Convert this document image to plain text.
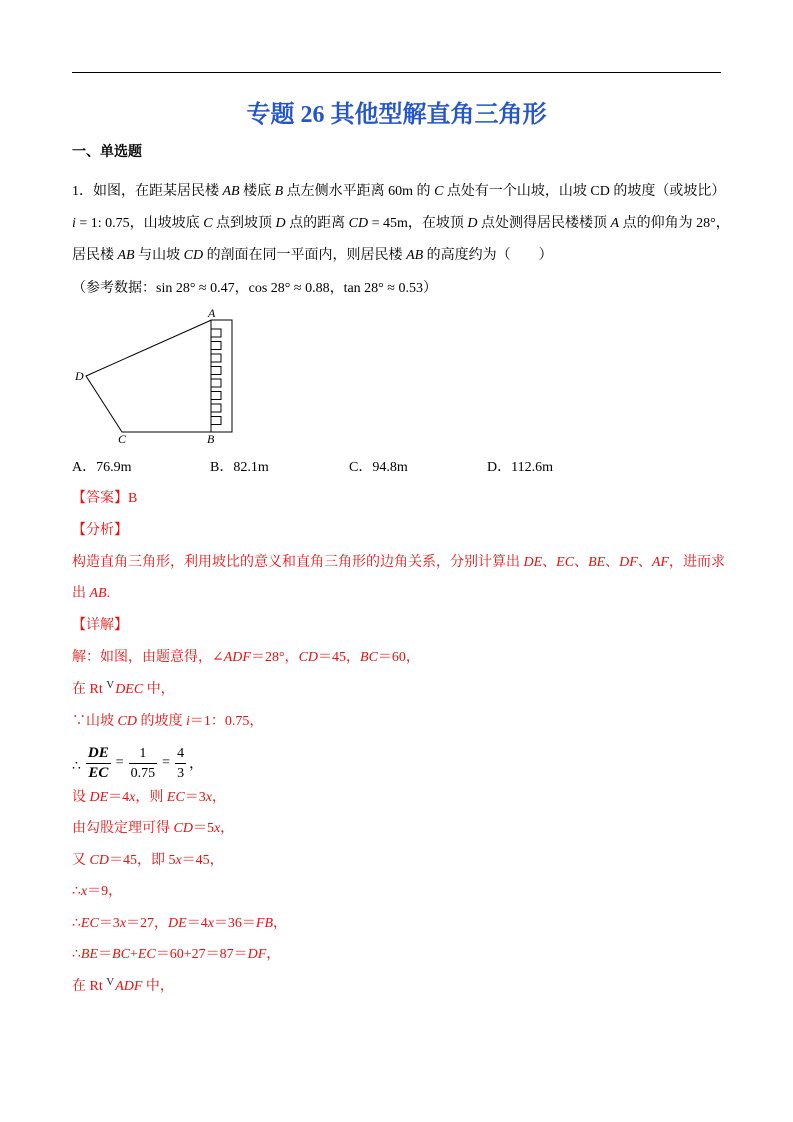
专题 26 其他型解直角三角形
一、单选题
1．如图，在距某居民楼 AB 楼底 B 点左侧水平距离 60m 的 C 点处有一个山坡，山坡 CD 的坡度（或坡比）
i = 1: 0.75，山坡坡底 C 点到坡顶 D 点的距离 CD = 45m，在坡顶 D 点处测得居民楼楼顶 A 点的仰角为 28°，
居民楼 AB 与山坡 CD 的剖面在同一平面内，则居民楼 AB 的高度约为（　　）
（参考数据：sin 28° ≈ 0.47，cos 28° ≈ 0.88，tan 28° ≈ 0.53）
A
D
C	B
A．76.9m	B．82.1m	C．94.8m	D．112.6m
【答案】B
【分析】
构造直角三角形，利用坡比的意义和直角三角形的边角关系，分别计算出 DE、EC、BE、DF、AF，进而求
出 AB.
【详解】
解：如图，由题意得，∠ADF＝28°，CD＝45，BC＝60，
在 Rt $^V$DEC 中，
∵山坡 CD 的坡度 i＝1：0.75，
∴ $\frac{DE}{EC} = \frac{1}{0.75} = \frac{4}{3}$ ，
设 DE＝4x，则 EC＝3x，
由勾股定理可得 CD＝5x，
又 CD＝45，即 5x＝45，
∴x＝9，
∴EC＝3x＝27，DE＝4x＝36＝FB，
∴BE＝BC+EC＝60+27＝87＝DF，
在 Rt $^V$ADF 中，
